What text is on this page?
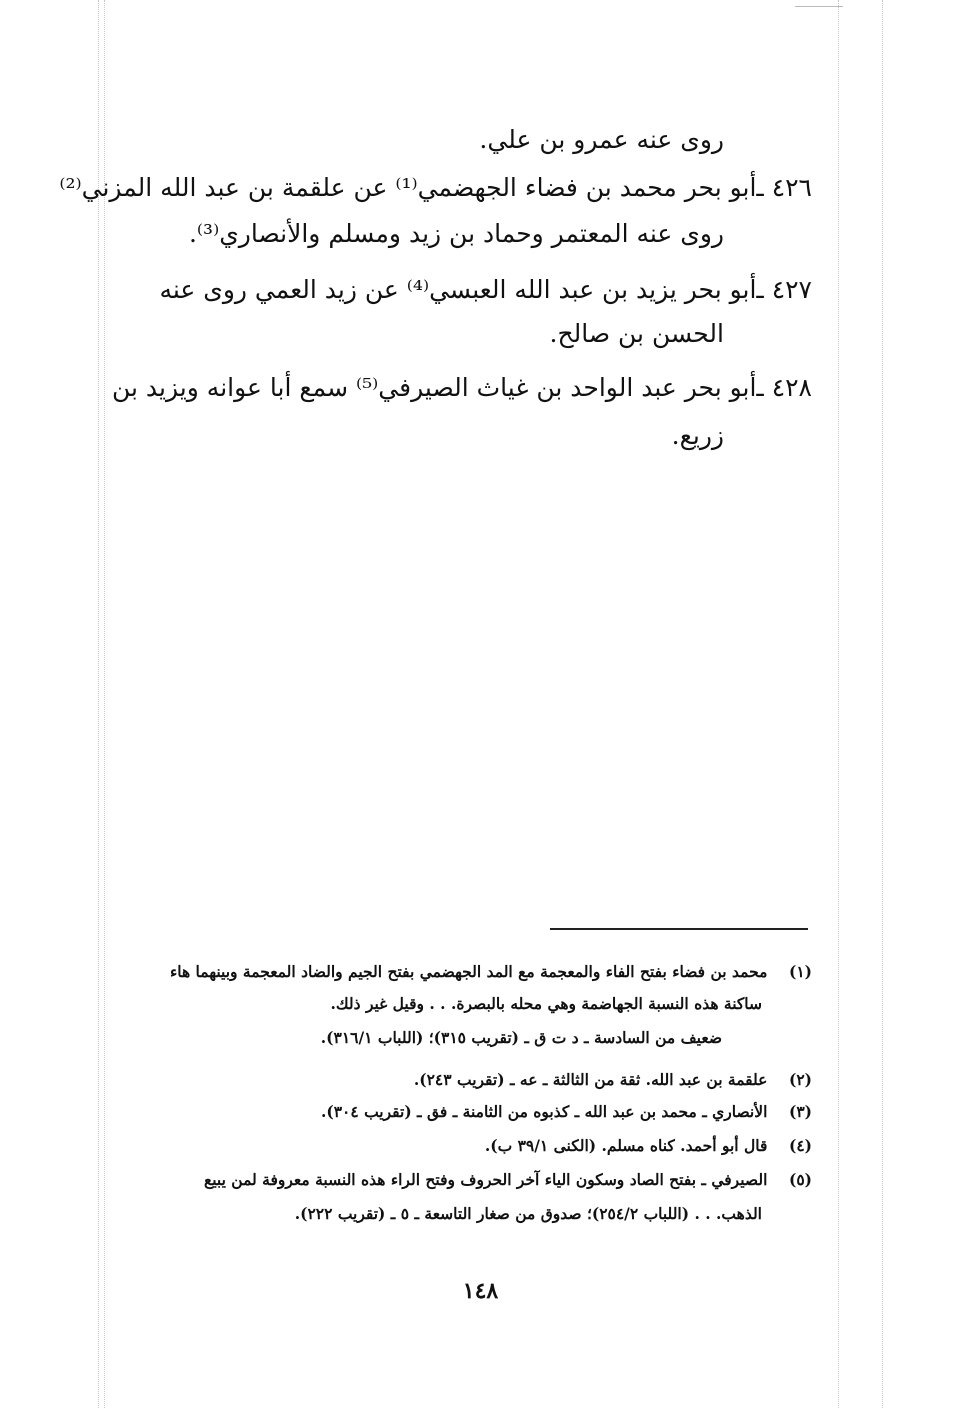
روى عنه عمرو بن علي.
٤٢٦ ـأبو بحر محمد بن فضاء الجهضمي⁽¹⁾ عن علقمة بن عبد الله المزني⁽²⁾
روى عنه المعتمر وحماد بن زيد ومسلم والأنصاري⁽³⁾.
٤٢٧ ـأبو بحر يزيد بن عبد الله العبسي⁽⁴⁾ عن زيد العمي روى عنه
الحسن بن صالح.
٤٢٨ ـأبو بحر عبد الواحد بن غياث الصيرفي⁽⁵⁾ سمع أبا عوانه ويزيد بن
زريع.
(١)    محمد بن فضاء بفتح الفاء والمعجمة مع المد الجهضمي بفتح الجيم والضاد المعجمة وبينهما هاء
ساكنة هذه النسبة الجهاضمة وهي محله بالبصرة. . . وقيل غير ذلك.
ضعيف من السادسة ـ د ت ق ـ (تقريب ٣١٥)؛ (اللباب ٣١٦/١).
(٢)    علقمة بن عبد الله. ثقة من الثالثة ـ عه ـ (تقريب ٢٤٣).
(٣)    الأنصاري ـ محمد بن عبد الله ـ كذبوه من الثامنة ـ فق ـ (تقريب ٣٠٤).
(٤)    قال أبو أحمد. كناه مسلم. (الكنى ٣٩/١ ب).
(٥)    الصيرفي ـ بفتح الصاد وسكون الياء آخر الحروف وفتح الراء هذه النسبة معروفة لمن يبيع
الذهب. . . (اللباب ٢٥٤/٢)؛ صدوق من صغار التاسعة ـ ٥ ـ (تقريب ٢٢٢).
١٤٨
